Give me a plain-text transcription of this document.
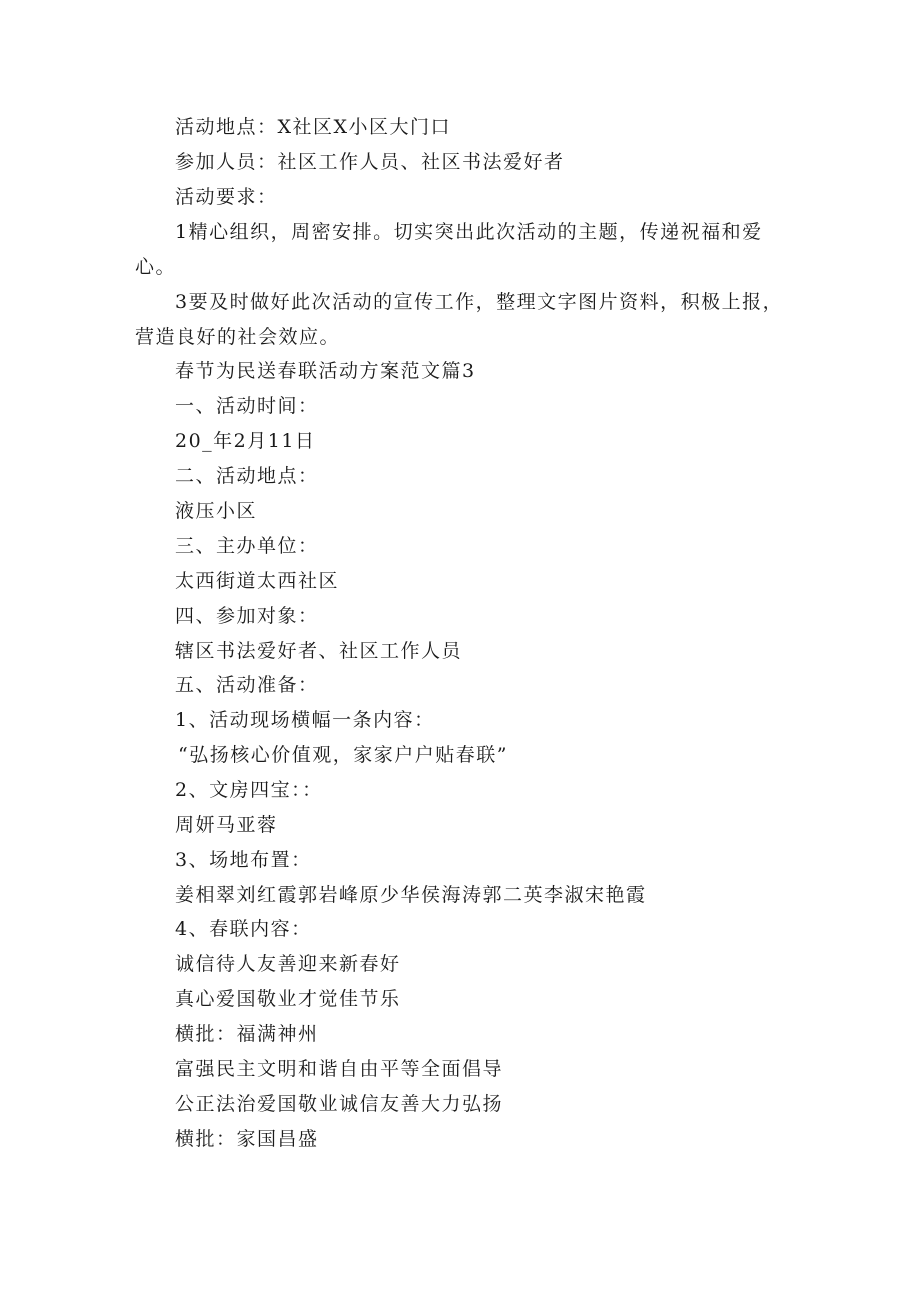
活动地点：X社区X小区大门口
参加人员：社区工作人员、社区书法爱好者
活动要求：
1精心组织，周密安排。切实突出此次活动的主题，传递祝福和爱
心。
3要及时做好此次活动的宣传工作，整理文字图片资料，积极上报，
营造良好的社会效应。
春节为民送春联活动方案范文篇3
一、活动时间：
20_年2月11日
二、活动地点：
液压小区
三、主办单位：
太西街道太西社区
四、参加对象：
辖区书法爱好者、社区工作人员
五、活动准备：
1、活动现场横幅一条内容：
“弘扬核心价值观，家家户户贴春联”
2、文房四宝：：
周妍马亚蓉
3、场地布置：
姜相翠刘红霞郭岩峰原少华侯海涛郭二英李淑宋艳霞
4、春联内容：
诚信待人友善迎来新春好
真心爱国敬业才觉佳节乐
横批：福满神州
富强民主文明和谐自由平等全面倡导
公正法治爱国敬业诚信友善大力弘扬
横批：家国昌盛
